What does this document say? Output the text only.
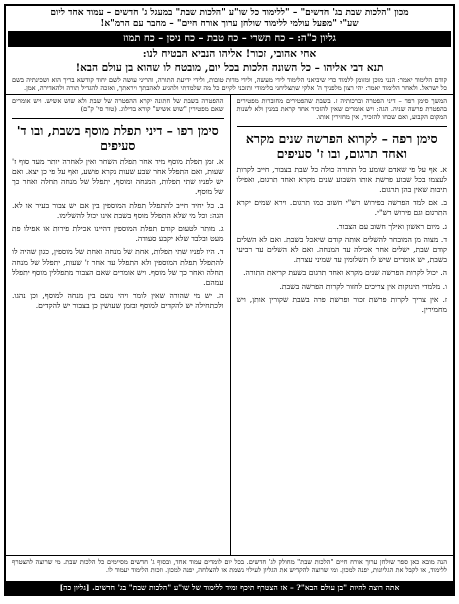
מכון "הלכות שבת בג' חדשים" – "ללימוד כל שו"ע "הלכות שבת" במעגל ג' חדשים – עמוד אחד ליום
שע"י "מפעל עולמי ללימוד שולחן ערוך אורח חיים" – מחבר עם הרמ"א!
גליון כ"ה: – כח תשרי – כח טבת – כח ניסן – כח תמוז
אחי אהובי, זכור! אליהו הנביא הבטיח לנו:
תנא דבי אליהו – כל השונה הלכות בכל יום, מובטח לו שהוא בן עולם הבא!
קודם הלימוד יאמר: הנני מוכן ומזומן ללמוד כדי שיביאני הלימוד לידי מעשה, ולידי מדות טובות, ולידי ידיעת התורה, והריני עושה לשם יחוד קודשא בריך הוא ושכינתיה בשם כל ישראל. ולאחר הלימוד יאמר: יהי רצון מלפניך ה' אלקי שתצליחני בלימודי ותזכני לקיים כל מה שלמדתי ולהגיע לאהבתך ויראתך, ואזכה להגדיל תורה ולהאדירה, אמן.
המשך סימן רפד – דיני הפטרה וברכותיה ז. בשבת שהפטירים מחוברות מפטירים בהפטרת פרשה שניה. הגה: ויש אומרים שאין להזכיר אחד קראת במנין ולא לשנות המקום הקבוע, ואם שכחו להזכיר, אין מחזירין אותו.
סימן רפה – לקרוא הפרשה שנים מקרא ואחד תרגום, ובו ז' סעיפים
א. אף על פי שאדם שומע כל התורה כולה כל שבת בצבור, חייב לקרות לעצמו בכל שבוע פרשת אותו השבוע שנים מקרא ואחד תרגום, ואפילו תיבות שאין בהן תרגום.
ב. אם למד הפרשה בפירוש רש"י חשוב כמו תרגום. וירא שמים יקרא התרגום וגם פירוש רש"י.
ג. מיום ראשון ואילך חשוב עם הצבור.
ד. מצוה מן המובחר להשלים אותה קודם שיאכל בשבת. ואם לא השלים קודם שבת, ישלים אחר אכילה עד המנחה. ואם לא השלים עד רביעי בשבת, יש אומרים שיש לו תשלומין עד שמיני עצרת.
ה. יכול לקרות הפרשה שנים מקרא ואחד תרגום בשעת קריאת התורה.
ו. מלמדי תינוקות אין צריכים לחזור לקרות הפרשה בשבת.
ז. אין צריך לקרות פרשת זכור ופרשת פרה בשבת שקורין אותן, ויש מחמירין.
ההפטרה בשבת של חתונה יקרא ההפטרה של שבת ולא שוש אשיש. ויש אומרים שאם מפטירין "שוש אשיש" קורא בדילוג. (טור סי' ק"ם)
סימן רפו – דיני תפלת מוסף בשבת, ובו ד' סעיפים
א. זמן תפלת מוסף מיד אחר תפלת השחר ואין לאחרה יותר מעד סוף ז' שעות, ואם התפלל אחר שבע שעות נקרא פושע, ואף על פי כן יצא. ואם יש לפניו שתי תפלות, המנחה ומוסף, יתפלל של מנחה תחלה ואחר כך של מוסף.
ב. כל יחיד חייב להתפלל תפלת המוספין בין אם יש צבור בעיר או לא. הגה: וכל מי שלא התפלל מוסף בשבת אינו יכול להשלימו.
ג. מותר לטעום קודם תפלת המוספין דהיינו אכילת פירות או אפילו פת מעט ובלבד שלא יקבע סעודה.
ד. היו לפניו שתי תפלות, אחת של מנחה ואחת של מוספין, כגון שהיה לו להתפלל תפלת המוספין ולא התפלל עד אחר ז' שעות, יתפלל של מנחה תחלה ואחר כך של מוסף. ויש אומרים שאם הצבור מתפללין מוסף יתפלל עמהם.
ה. יש מי שהורה שאין לומר ויהי נועם בין מנחה למוסף, וכן נהגו. ולכתחילה יש להקדים למוסף ובזמן שעושין כן בצבור יש להקדים.
הנה מובא כאן ספר שולחן ערוך אורח חיים "הלכות שבת" מחולק לג' חדשים. בכל יום לומדים עמוד אחד, ובסוף ג' חדשים מסיימים כל הלכות שבת. מי שרוצה להצטרף ללימוד, או לקבל את הגליונות, יפנה למכון. ומי שרוצה להקדיש את הגליון לעילוי נשמת או להצלחה, יפנה למכון. וזכות הלימוד יעמוד לו.
אתה רוצה להיות "בן עולם הבא"? – אז הצטרף תיכף ומיד ללימוד של שו"ע "הלכות שבת" בג' חדשים. [גליון כה]
